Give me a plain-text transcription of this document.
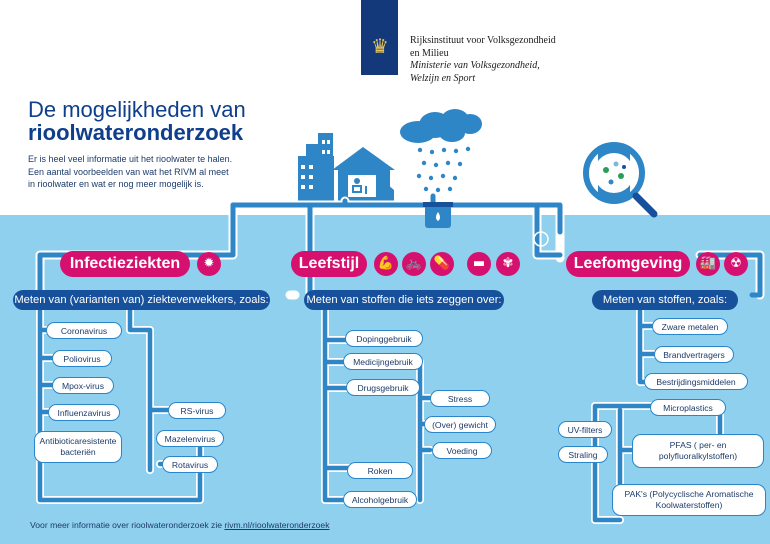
♛	Rijksinstituut voor Volksgezondheid
en Milieu
Ministerie van Volksgezondheid,
Welzijn en Sport
De mogelijkheden van
rioolwateronderzoek
Er is heel veel informatie uit het rioolwater te halen.
Een aantal voorbeelden van wat het RIVM al meet
in rioolwater en wat er nog meer mogelijk is.
Infectieziekten	✹
Meten van (varianten van) ziekteverwekkers, zoals:
Coronavirus
Poliovirus
Mpox-virus
Influenzavirus
Antibioticaresistente bacteriën
RS-virus
Mazelenvirus
Rotavirus
Leefstijl	💪 🚲 💊	▬	✾
Meten van stoffen die iets zeggen over:
Dopinggebruik
Medicijngebruik
Drugsgebruik
Stress
(Over) gewicht
Voeding
Roken
Alcoholgebruik
Leefomgeving	🏭	☢
Meten van stoffen, zoals:
Zware metalen
Brandvertragers
Bestrijdingsmiddelen
Microplastics
PFAS ( per- en polyfluoralkylstoffen)
PAK's (Polycyclische Aromatische Koolwaterstoffen)
UV-filters
Straling
Voor meer informatie over rioolwateronderzoek zie rivm.nl/rioolwateronderzoek
